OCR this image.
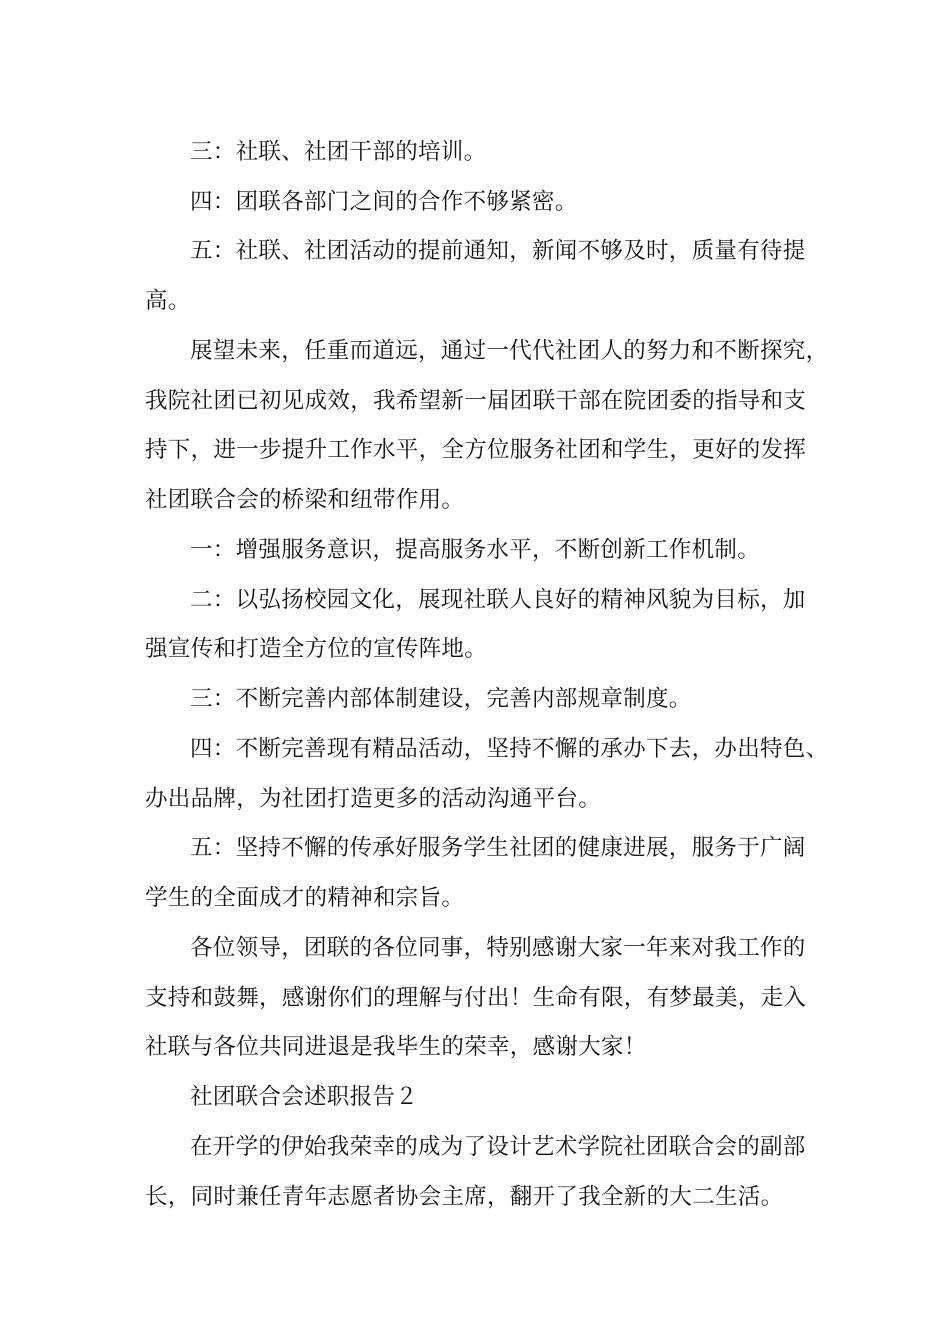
三：社联、社团干部的培训。
四：团联各部门之间的合作不够紧密。
五：社联、社团活动的提前通知，新闻不够及时，质量有待提
高。
展望未来，任重而道远，通过一代代社团人的努力和不断探究，
我院社团已初见成效，我希望新一届团联干部在院团委的指导和支
持下，进一步提升工作水平，全方位服务社团和学生，更好的发挥
社团联合会的桥梁和纽带作用。
一：增强服务意识，提高服务水平，不断创新工作机制。
二：以弘扬校园文化，展现社联人良好的精神风貌为目标，加
强宣传和打造全方位的宣传阵地。
三：不断完善内部体制建设，完善内部规章制度。
四：不断完善现有精品活动，坚持不懈的承办下去，办出特色、
办出品牌，为社团打造更多的活动沟通平台。
五：坚持不懈的传承好服务学生社团的健康进展，服务于广阔
学生的全面成才的精神和宗旨。
各位领导，团联的各位同事，特别感谢大家一年来对我工作的
支持和鼓舞，感谢你们的理解与付出！生命有限，有梦最美，走入
社联与各位共同进退是我毕生的荣幸，感谢大家！
社团联合会述职报告２
在开学的伊始我荣幸的成为了设计艺术学院社团联合会的副部
长，同时兼任青年志愿者协会主席，翻开了我全新的大二生活。
